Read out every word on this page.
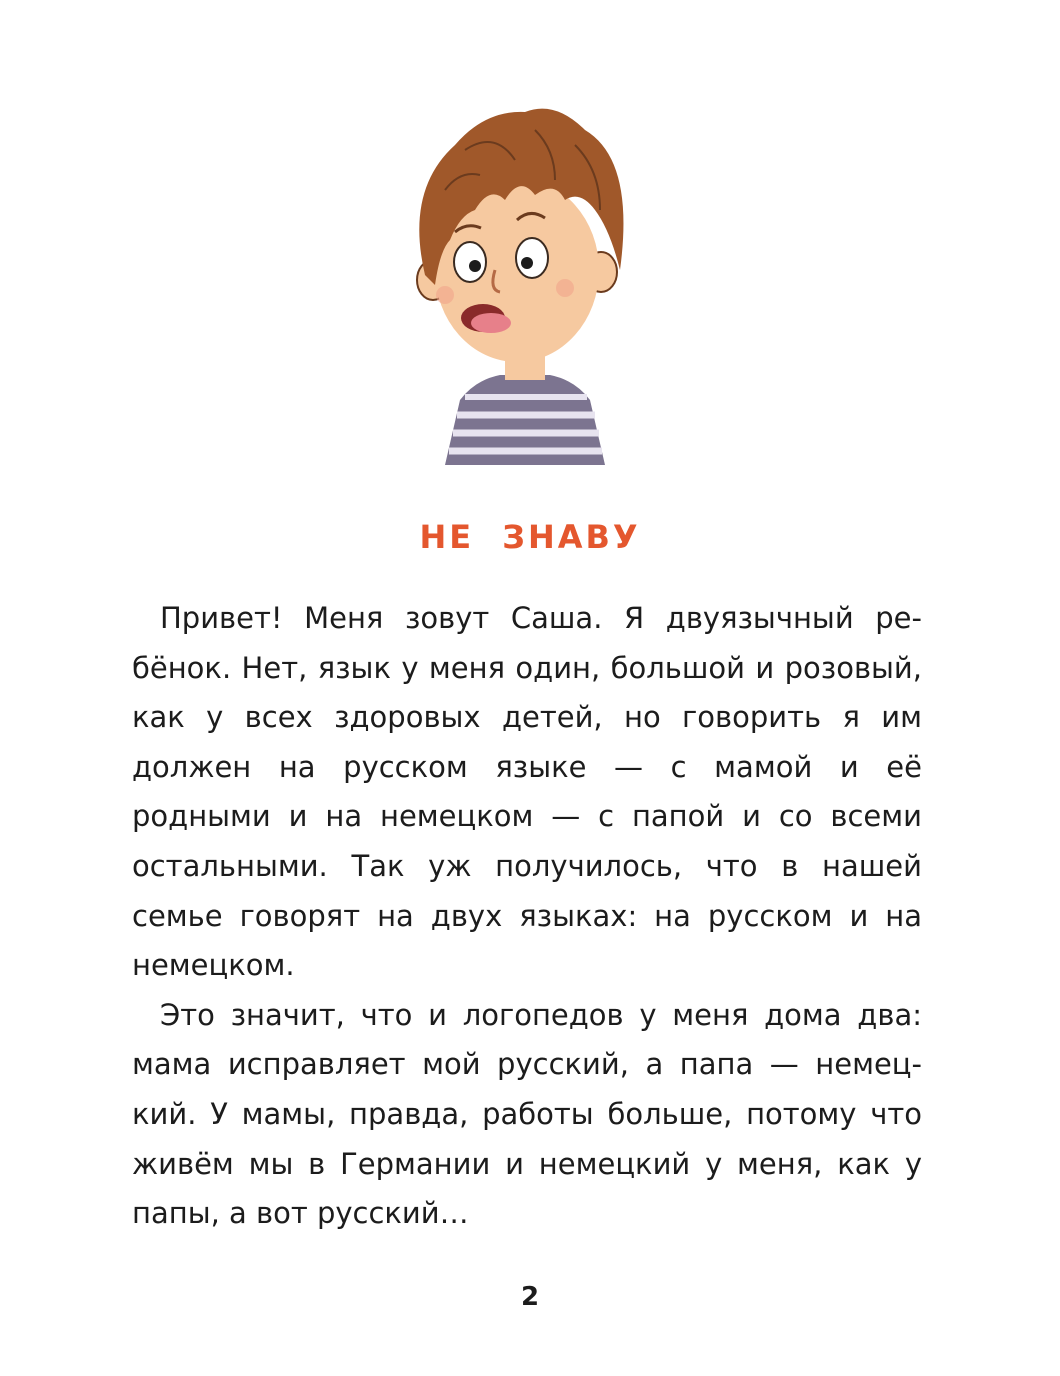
НЕ ЗНАВУ

Привет! Меня зовут Саша. Я двуязычный ребёнок. Нет, язык у меня один, большой и розовый, как у всех здоровых детей, но говорить я им должен на русском языке — с мамой и её родными и на немецком — с папой и со всеми остальными. Так уж получилось, что в нашей семье говорят на двух языках: на русском и на немецком.

Это значит, что и логопедов у меня дома два: мама исправляет мой русский, а папа — немецкий. У мамы, правда, работы больше, потому что живём мы в Германии и немецкий у меня, как у папы, а вот русский…

2
